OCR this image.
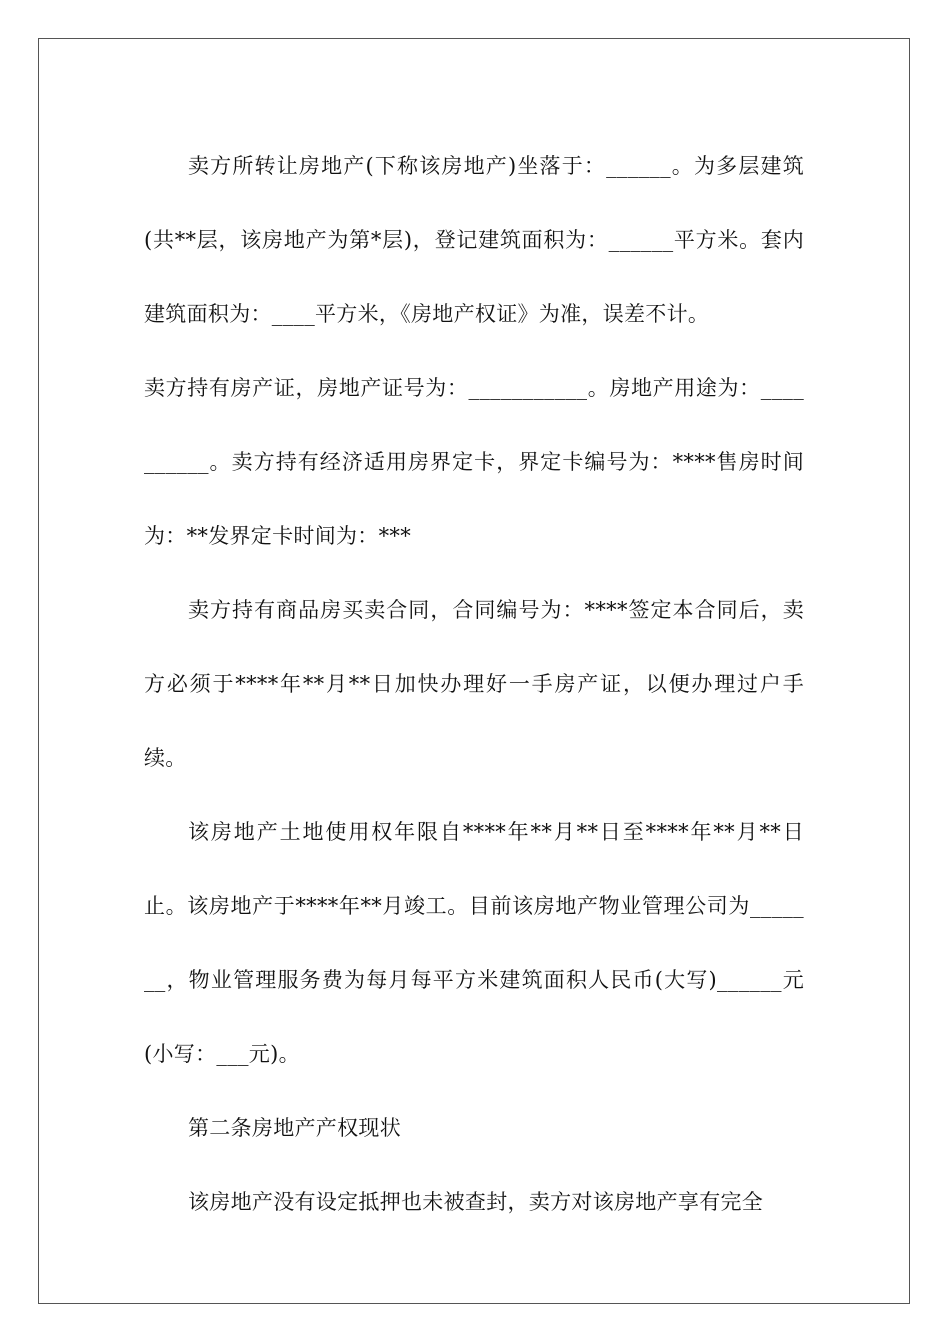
卖方所转让房地产(下称该房地产)坐落于：______。为多层建筑(共**层，该房地产为第*层)，登记建筑面积为：______平方米。套内建筑面积为：____平方米，《房地产权证》为准，误差不计。

卖方持有房产证，房地产证号为：___________。房地产用途为：__________。卖方持有经济适用房界定卡，界定卡编号为：****售房时间为：**发界定卡时间为：***

卖方持有商品房买卖合同，合同编号为：****签定本合同后，卖方必须于****年**月**日加快办理好一手房产证，以便办理过户手续。

该房地产土地使用权年限自****年**月**日至****年**月**日止。该房地产于****年**月竣工。目前该房地产物业管理公司为_______，物业管理服务费为每月每平方米建筑面积人民币(大写)______元(小写：___元)。

第二条房地产产权现状

该房地产没有设定抵押也未被查封，卖方对该房地产享有完全
